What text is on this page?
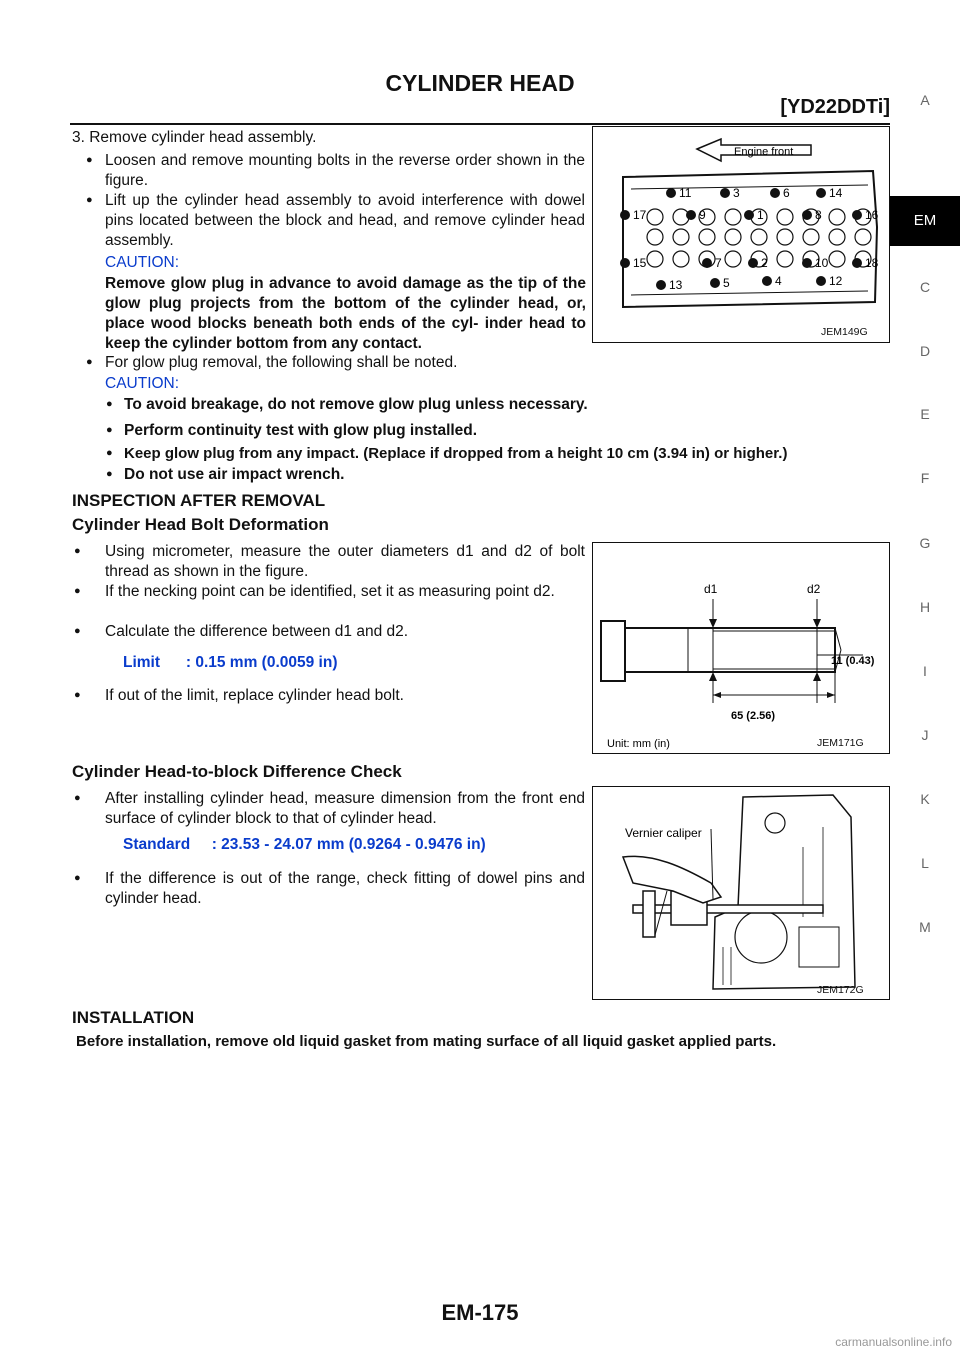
CYLINDER HEAD
[YD22DDTi]
3. Remove cylinder head assembly.
● Loosen and remove mounting bolts in the reverse order shown in the figure.
● Lift up the cylinder head assembly to avoid interference with dowel pins located between the block and head, and remove cylinder head assembly.
CAUTION:
Remove glow plug in advance to avoid damage as the tip of the glow plug projects from the bottom of the cylinder head, or, place wood blocks beneath both ends of the cyl- inder head to keep the cylinder bottom from any contact.
● For glow plug removal, the following shall be noted.
CAUTION:
● To avoid breakage, do not remove glow plug unless necessary.
● Perform continuity test with glow plug installed.
● Keep glow plug from any impact. (Replace if dropped from a height 10 cm (3.94 in) or higher.)
● Do not use air impact wrench.
Engine front
11	3	6	14
17	9	1	8	16
15	7	2	10	18
13	5	4	12
JEM149G
INSPECTION AFTER REMOVAL
Cylinder Head Bolt Deformation
● Using micrometer, measure the outer diameters d1 and d2 of bolt thread as shown in the figure.
● If the necking point can be identified, set it as measuring point d2.
● Calculate the difference between d1 and d2.
Limit      : 0.15 mm (0.0059 in)
● If out of the limit, replace cylinder head bolt.
d1	d2
11 (0.43)
65 (2.56)
Unit: mm (in)	JEM171G
Cylinder Head-to-block Difference Check
● After installing cylinder head, measure dimension from the front end surface of cylinder block to that of cylinder head.
Standard     : 23.53 - 24.07 mm (0.9264 - 0.9476 in)
● If the difference is out of the range, check fitting of dowel pins and cylinder head.
Vernier caliper
JEM172G
INSTALLATION
Before installation, remove old liquid gasket from mating surface of all liquid gasket applied parts.
A
EM
C
D
E
F
G
H
I
J
K
L
M
EM-175
carmanualsonline.info
